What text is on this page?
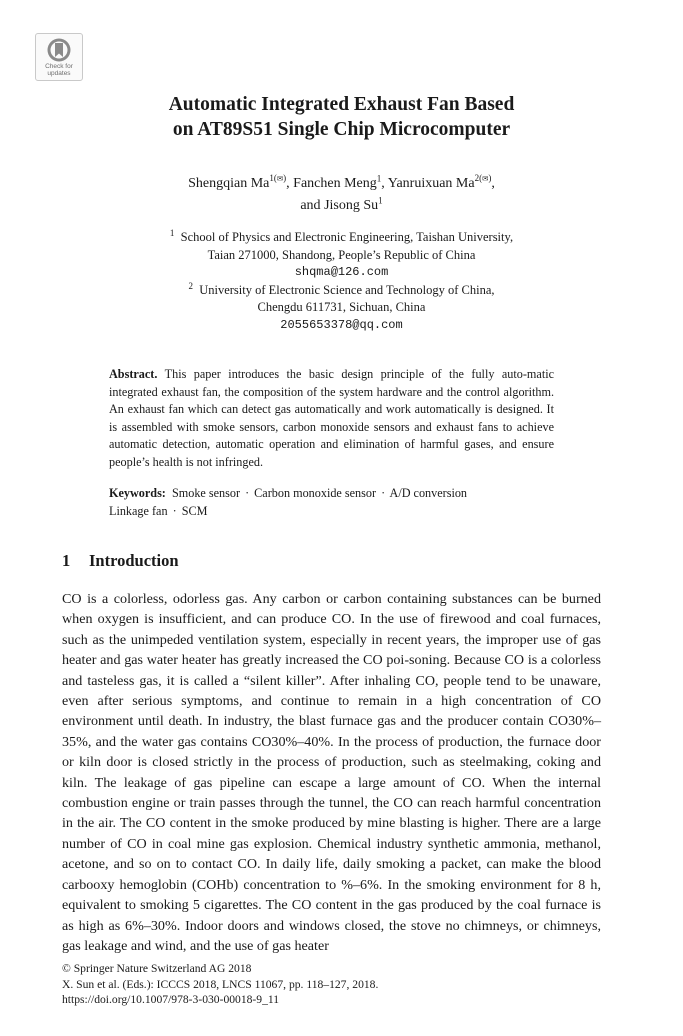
Check for
updates
Automatic Integrated Exhaust Fan Based
on AT89S51 Single Chip Microcomputer
Shengqian $Ma^{1(✉)}$, Fanchen Meng$^1$, Yanruixuan $Ma^{2(✉)}$,
and Jisong Su$^1$
$^1$ School of Physics and Electronic Engineering, Taishan University,
Taian 271000, Shandong, People’s Republic of China
shqma@126.com
$^2$ University of Electronic Science and Technology of China,
Chengdu 611731, Sichuan, China
2055653378@qq.com
Abstract. This paper introduces the basic design principle of the fully auto-matic integrated exhaust fan, the composition of the system hardware and the control algorithm. An exhaust fan which can detect gas automatically and work automatically is designed. It is assembled with smoke sensors, carbon monoxide sensors and exhaust fans to achieve automatic detection, automatic operation and elimination of harmful gases, and ensure people’s health is not infringed.
Keywords: Smoke sensor · Carbon monoxide sensor · A/D conversion
Linkage fan · SCM
1 Introduction

CO is a colorless, odorless gas. Any carbon or carbon containing substances can be burned when oxygen is insufficient, and can produce CO. In the use of firewood and coal furnaces, such as the unimpeded ventilation system, especially in recent years, the improper use of gas heater and gas water heater has greatly increased the CO poi-soning. Because CO is a colorless and tasteless gas, it is called a “silent killer”. After inhaling CO, people tend to be unaware, even after serious symptoms, and continue to remain in a high concentration of CO environment until death. In industry, the blast furnace gas and the producer contain CO30%–35%, and the water gas contains CO30%–40%. In the process of production, the furnace door or kiln door is closed strictly in the process of production, such as steelmaking, coking and kiln. The leakage of gas pipeline can escape a large amount of CO. When the internal combustion engine or train passes through the tunnel, the CO can reach harmful concentration in the air. The CO content in the smoke produced by mine blasting is higher. There are a large number of CO in coal mine gas explosion. Chemical industry synthetic ammonia, methanol, acetone, and so on to contact CO. In daily life, daily smoking a packet, can make the blood carbooxy hemoglobin (COHb) concentration to %–6%. In the smoking environment for 8 h, equivalent to smoking 5 cigarettes. The CO content in the gas produced by the coal furnace is as high as 6%–30%. Indoor doors and windows closed, the stove no chimneys, or chimneys, gas leakage and wind, and the use of gas heater

© Springer Nature Switzerland AG 2018
X. Sun et al. (Eds.): ICCCS 2018, LNCS 11067, pp. 118–127, 2018.
https://doi.org/10.1007/978-3-030-00018-9_11
